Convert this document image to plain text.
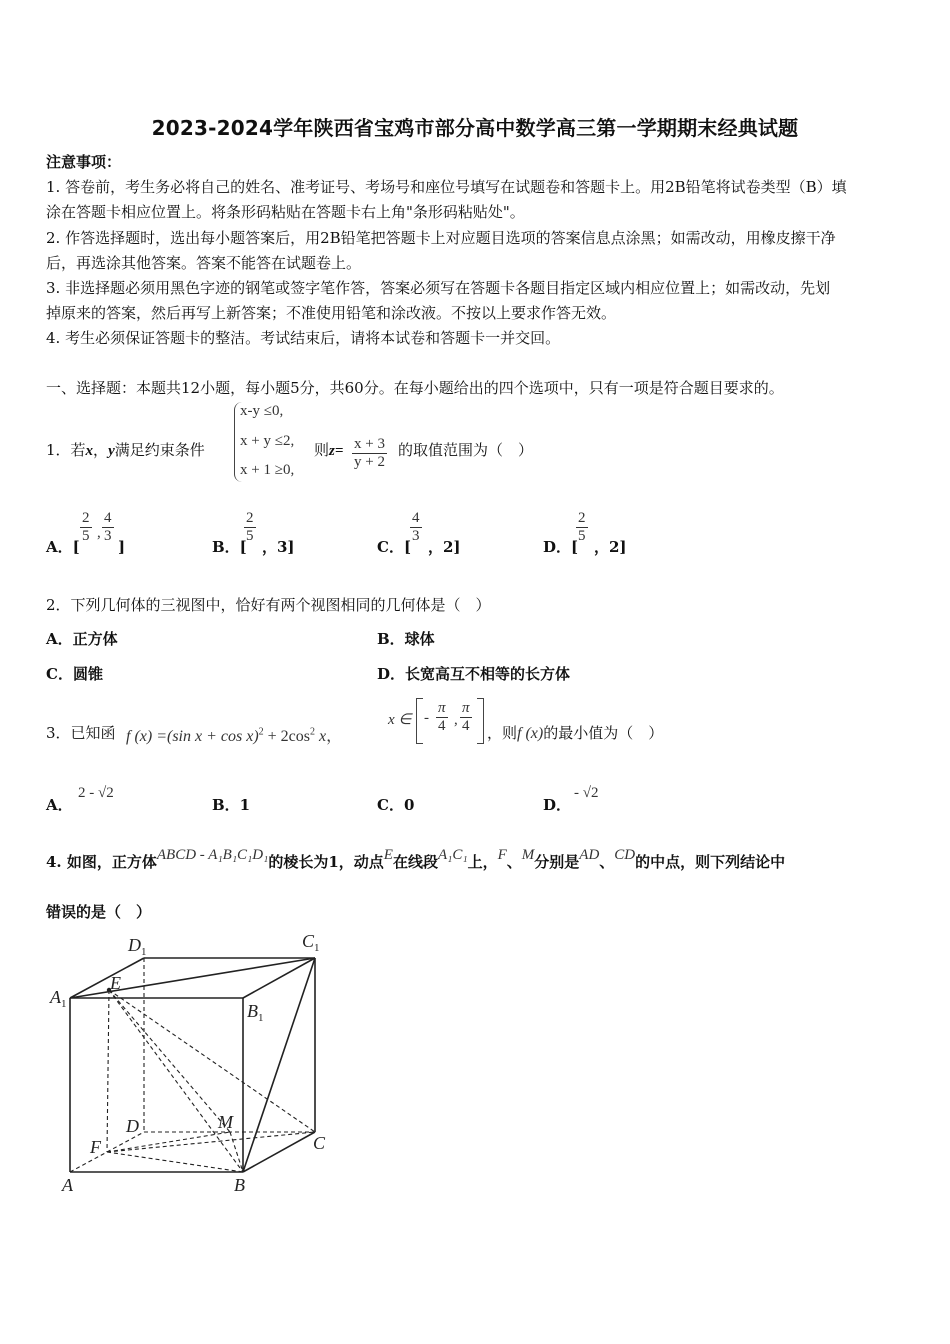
2023-2024学年陕西省宝鸡市部分高中数学高三第一学期期末经典试题
注意事项：
1. 答卷前，考生务必将自己的姓名、准考证号、考场号和座位号填写在试题卷和答题卡上。用2B铅笔将试卷类型（B）填
涂在答题卡相应位置上。将条形码粘贴在答题卡右上角"条形码粘贴处"。
2. 作答选择题时，选出每小题答案后，用2B铅笔把答题卡上对应题目选项的答案信息点涂黑；如需改动，用橡皮擦干净
后，再选涂其他答案。答案不能答在试题卷上。
3. 非选择题必须用黑色字迹的钢笔或签字笔作答，答案必须写在答题卡各题目指定区域内相应位置上；如需改动，先划
掉原来的答案，然后再写上新答案；不准使用铅笔和涂改液。不按以上要求作答无效。
4. 考生必须保证答题卡的整洁。考试结束后，请将本试卷和答题卡一并交回。
一、选择题：本题共12小题，每小题5分，共60分。在每小题给出的四个选项中，只有一项是符合题目要求的。
1．若x，y满足约束条件
x-y ≤0,
x + y ≤2,
x + 1 ≥0,
则$z= \frac{x + 3}{y + 2}$ 的取值范围为（　）
A．[
$\frac{2}{5}$ , $\frac{4}{3}$
]	B．[
$\frac{2}{5}$
，3]	C．[
$\frac{4}{3}$
，2]	D．[
$\frac{2}{5}$
，2]
2．下列几何体的三视图中，恰好有两个视图相同的几何体是（　）
A．正方体	B．球体
C．圆锥	D．长宽高互不相等的长方体
3．已知函 f (x) =(sin $x + \cos x)^2 + 2\cos^2$ x，
x ∈ - $\frac{\pi}{4}$ , $\frac{\pi}{4}$ ，则f (x)的最小值为（　）
A．
2 - √2
B．1	C．0	D．
- √2
4. 如图，正方体ABCD - A₁B₁C₁D₁的棱长为1，动点E在线段A₁C₁上，F、M分别是AD、CD的中点，则下列结论中
错误的是（　）
$D_1$
$C_1$
$A_1$
E
$B_1$
D	M
F	C
A	B
